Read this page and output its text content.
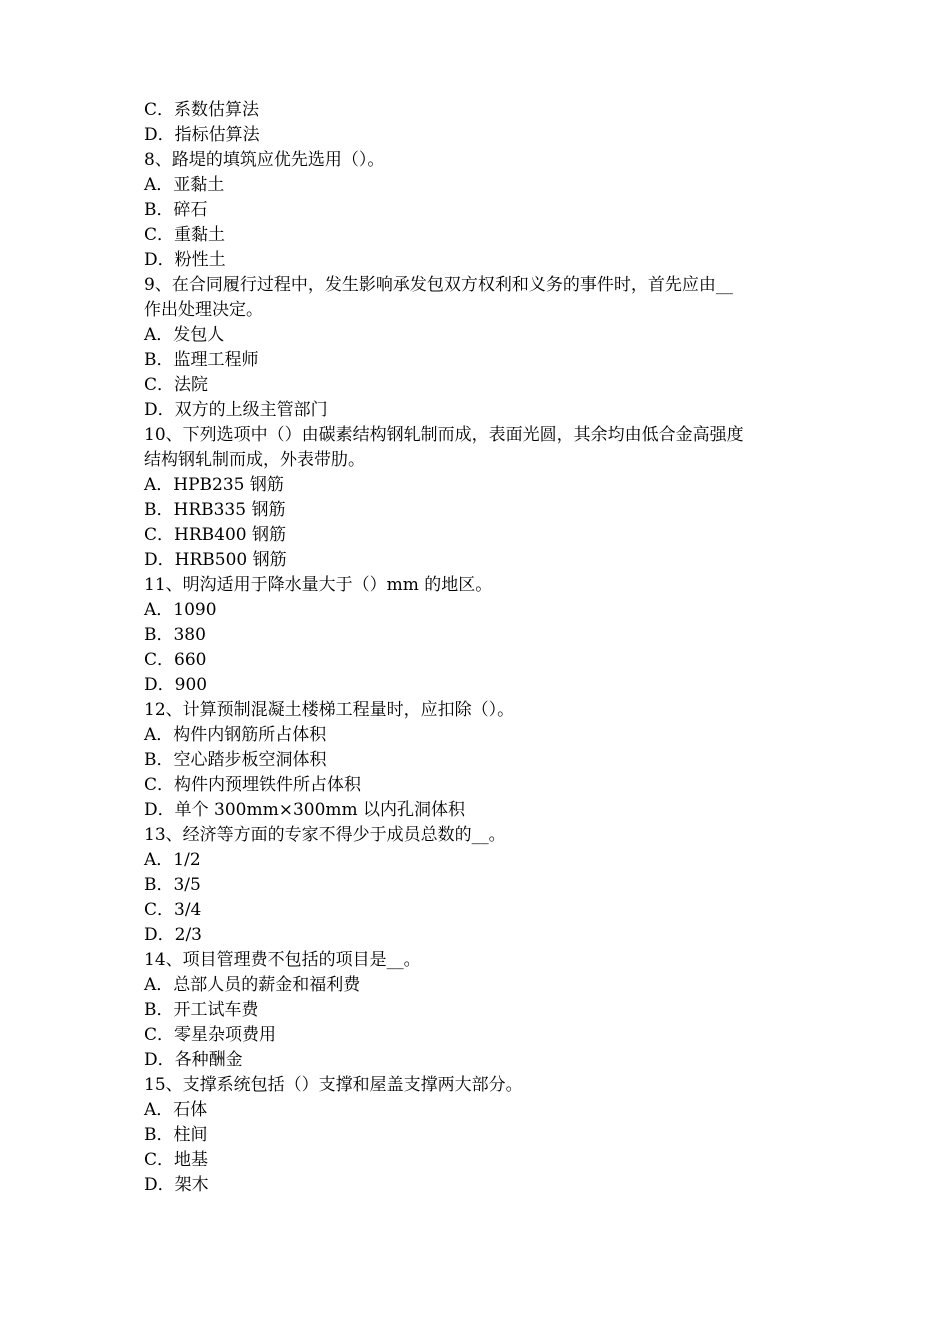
C．系数估算法
D．指标估算法
8、路堤的填筑应优先选用（）。
A．亚黏土
B．碎石
C．重黏土
D．粉性土
9、在合同履行过程中，发生影响承发包双方权利和义务的事件时，首先应由__
作出处理决定。
A．发包人
B．监理工程师
C．法院
D．双方的上级主管部门
10、下列选项中（）由碳素结构钢轧制而成，表面光圆，其余均由低合金高强度
结构钢轧制而成，外表带肋。
A．HPB235 钢筋
B．HRB335 钢筋
C．HRB400 钢筋
D．HRB500 钢筋
11、明沟适用于降水量大于（）mm 的地区。
A．1090
B．380
C．660
D．900
12、计算预制混凝土楼梯工程量时，应扣除（）。
A．构件内钢筋所占体积
B．空心踏步板空洞体积
C．构件内预埋铁件所占体积
D．单个 300mm×300mm 以内孔洞体积
13、经济等方面的专家不得少于成员总数的__。
A．1/2
B．3/5
C．3/4
D．2/3
14、项目管理费不包括的项目是__。
A．总部人员的薪金和福利费
B．开工试车费
C．零星杂项费用
D．各种酬金
15、支撑系统包括（）支撑和屋盖支撑两大部分。
A．石体
B．柱间
C．地基
D．架木
